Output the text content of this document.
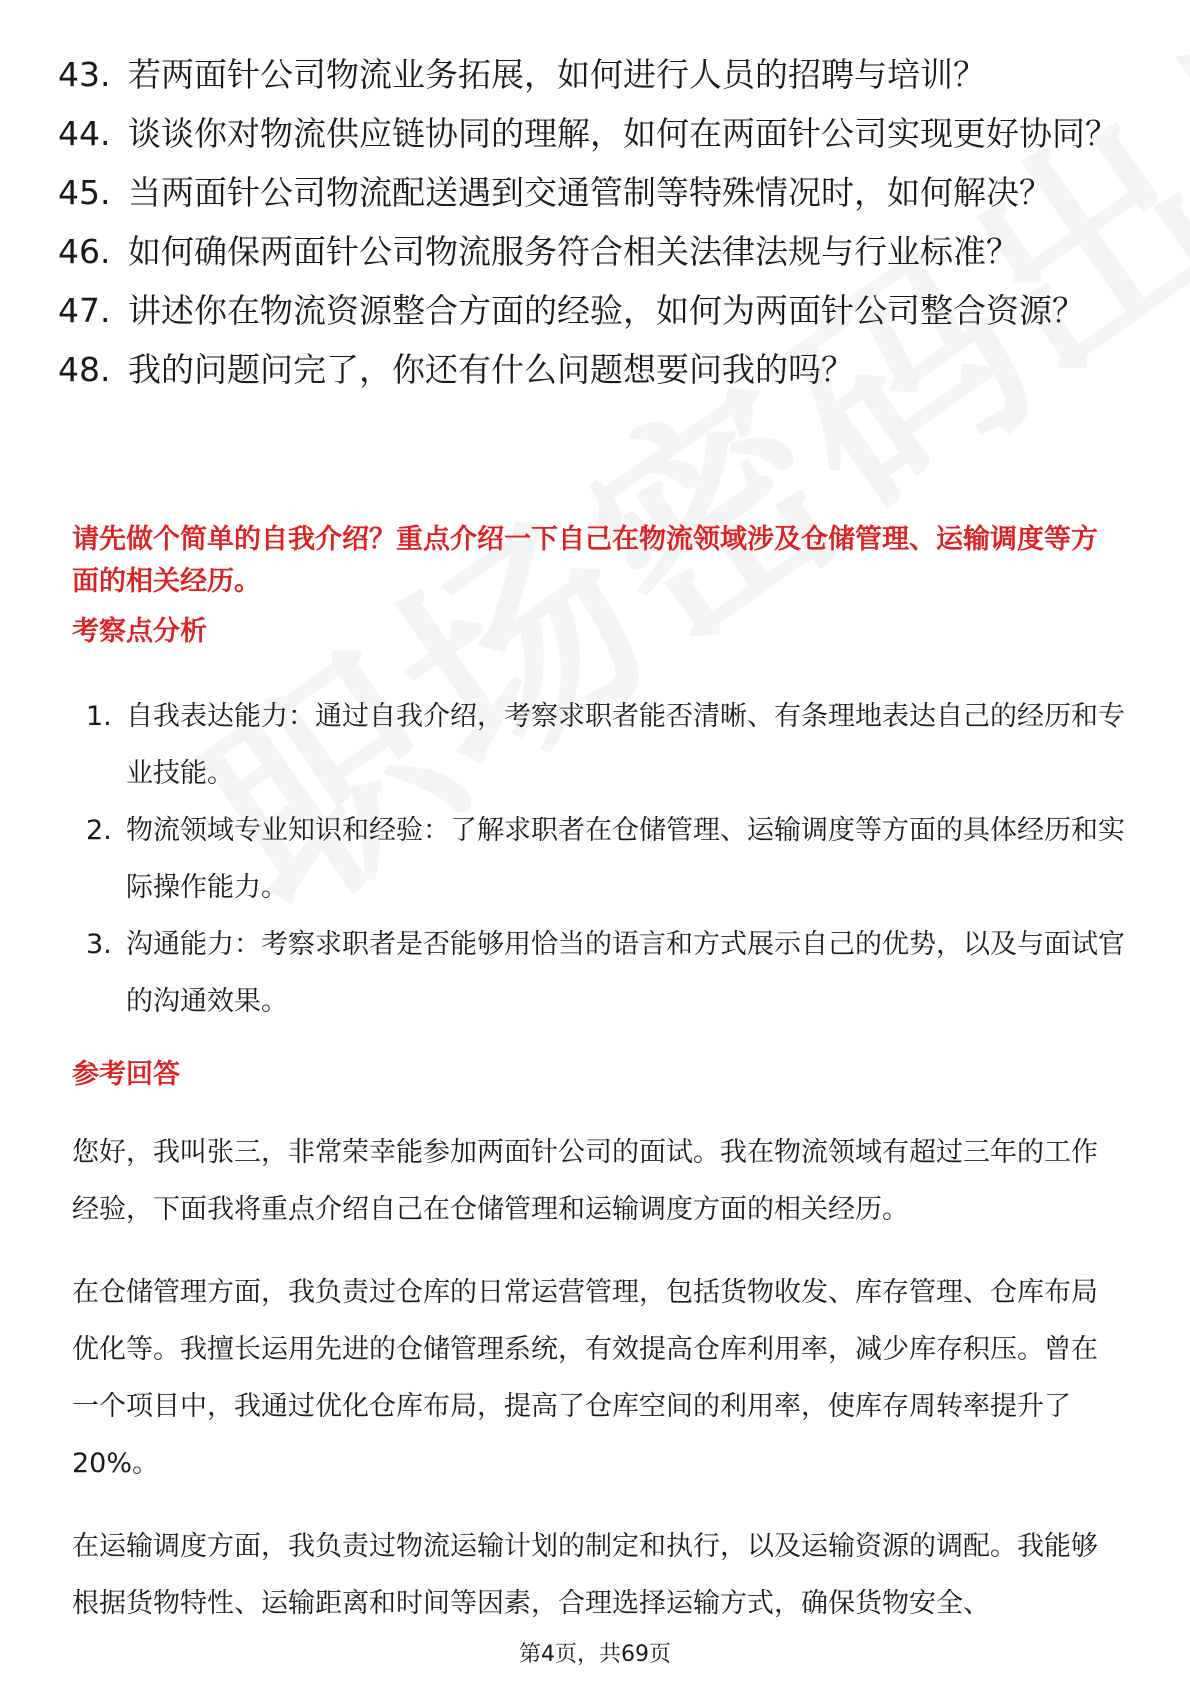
43. 若两面针公司物流业务拓展，如何进行人员的招聘与培训？
44. 谈谈你对物流供应链协同的理解，如何在两面针公司实现更好协同？
45. 当两面针公司物流配送遇到交通管制等特殊情况时，如何解决？
46. 如何确保两面针公司物流服务符合相关法律法规与行业标准？
47. 讲述你在物流资源整合方面的经验，如何为两面针公司整合资源？
48. 我的问题问完了，你还有什么问题想要问我的吗？
请先做个简单的自我介绍？重点介绍一下自己在物流领域涉及仓储管理、运输调度等方面的相关经历。
考察点分析
1. 自我表达能力：通过自我介绍，考察求职者能否清晰、有条理地表达自己的经历和专业技能。
2. 物流领域专业知识和经验：了解求职者在仓储管理、运输调度等方面的具体经历和实际操作能力。
3. 沟通能力：考察求职者是否能够用恰当的语言和方式展示自己的优势，以及与面试官的沟通效果。
参考回答
您好，我叫张三，非常荣幸能参加两面针公司的面试。我在物流领域有超过三年的工作经验，下面我将重点介绍自己在仓储管理和运输调度方面的相关经历。
在仓储管理方面，我负责过仓库的日常运营管理，包括货物收发、库存管理、仓库布局优化等。我擅长运用先进的仓储管理系统，有效提高仓库利用率，减少库存积压。曾在一个项目中，我通过优化仓库布局，提高了仓库空间的利用率，使库存周转率提升了20%。
在运输调度方面，我负责过物流运输计划的制定和执行，以及运输资源的调配。我能够根据货物特性、运输距离和时间等因素，合理选择运输方式，确保货物安全、
第4页，共69页
